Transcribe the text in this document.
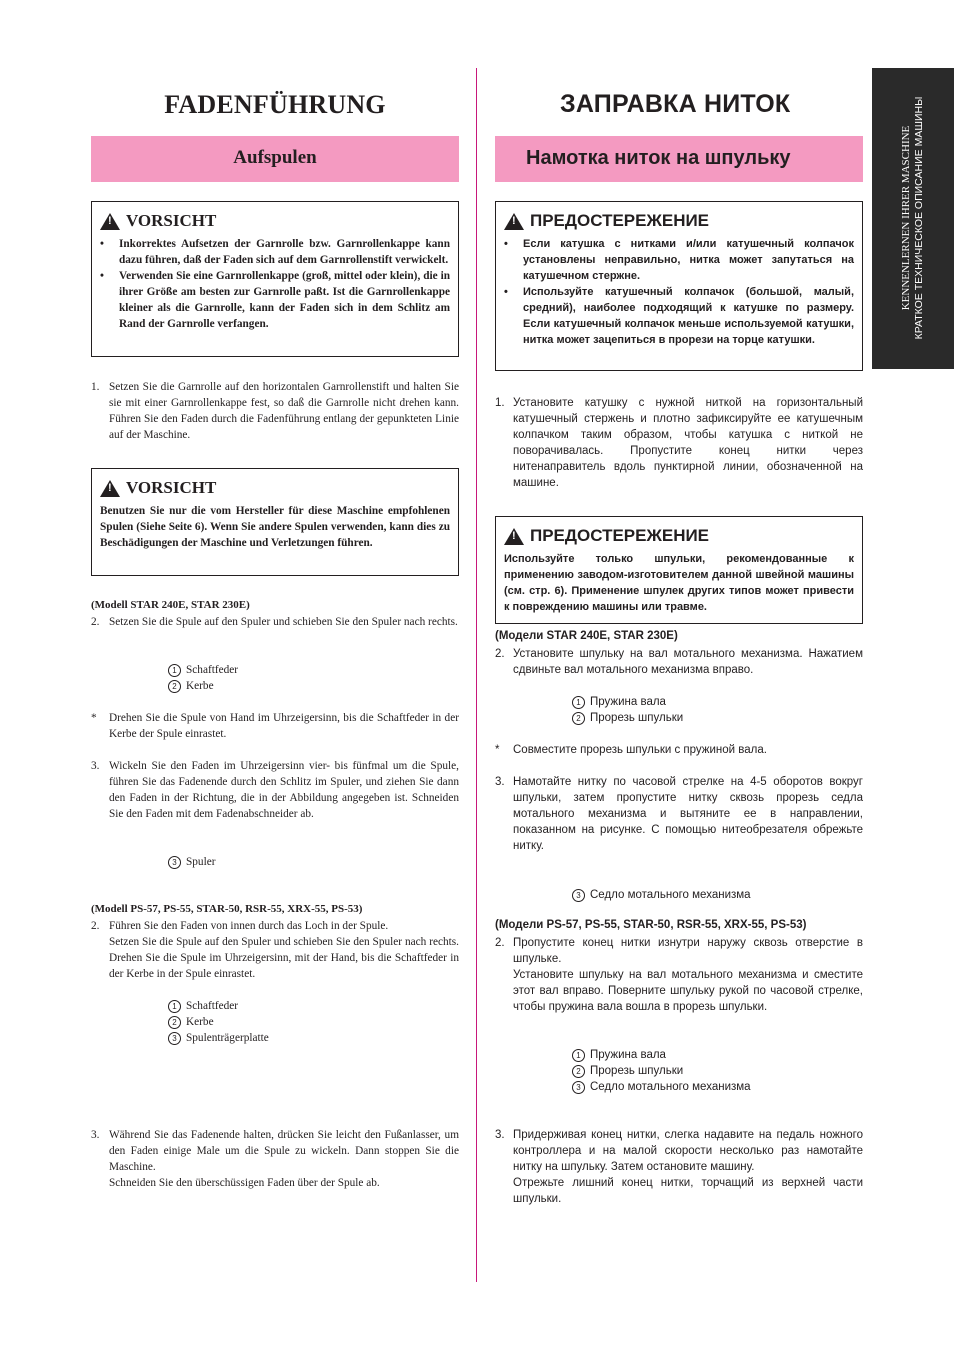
KENNENLERNEN IHRER MASCHINE КРАТКОЕ ТЕХНИЧЕСКОЕ ОПИСАНИЕ МАШИНЫ
FADENFÜHRUNG
Aufspulen
!
VORSICHT
• Inkorrektes Aufsetzen der Garnrolle bzw. Garnrollenkappe kann dazu führen, daß der Faden sich auf dem Garnrollenstift verwickelt.
• Verwenden Sie eine Garnrollenkappe (groß, mittel oder klein), die in ihrer Größe am besten zur Garnrolle paßt. Ist die Garnrollenkappe kleiner als die Garnrolle, kann der Faden sich in dem Schlitz am Rand der Garnrolle verfangen.
1. Setzen Sie die Garnrolle auf den horizontalen Garnrollenstift und halten Sie sie mit einer Garnrollenkappe fest, so daß die Garnrolle nicht drehen kann. Führen Sie den Faden durch die Fadenführung entlang der gepunkteten Linie auf der Maschine.
!
VORSICHT
Benutzen Sie nur die vom Hersteller für diese Maschine empfohlenen Spulen (Siehe Seite 6). Wenn Sie andere Spulen verwenden, kann dies zu Beschädigungen der Maschine und Verletzungen führen.
(Modell STAR 240E, STAR 230E)
2. Setzen Sie die Spule auf den Spuler und schieben Sie den Spuler nach rechts.
1 Schaftfeder
2 Kerbe
* Drehen Sie die Spule von Hand im Uhrzeigersinn, bis die Schaftfeder in der Kerbe der Spule einrastet.
3. Wickeln Sie den Faden im Uhrzeigersinn vier- bis fünfmal um die Spule, führen Sie das Fadenende durch den Schlitz im Spuler, und ziehen Sie dann den Faden in der Richtung, die in der Abbildung angegeben ist. Schneiden Sie den Faden mit dem Fadenabschneider ab.
3 Spuler
(Modell PS-57, PS-55, STAR-50, RSR-55, XRX-55, PS-53)
2. Führen Sie den Faden von innen durch das Loch in der Spule.
Setzen Sie die Spule auf den Spuler und schieben Sie den Spuler nach rechts. Drehen Sie die Spule im Uhrzeigersinn, mit der Hand, bis die Schaftfeder in der Kerbe in der Spule einrastet.
1 Schaftfeder
2 Kerbe
3 Spulenträgerplatte
3. Während Sie das Fadenende halten, drücken Sie leicht den Fußanlasser, um den Faden einige Male um die Spule zu wickeln. Dann stoppen Sie die Maschine.
Schneiden Sie den überschüssigen Faden über der Spule ab.
ЗАПРАВКА НИТОК
Намотка ниток на шпульку
!
ПРЕДОСТЕРЕЖЕНИЕ
• Если катушка с нитками и/или катушечный колпачок установлены неправильно, нитка может запутаться на катушечном стержне.
• Используйте катушечный колпачок (большой, малый, средний), наиболее подходящий к катушке по размеру. Если катушечный колпачок меньше используемой катушки, нитка может зацепиться в прорези на торце катушки.
1. Установите катушку с нужной ниткой на горизонтальный катушечный стержень и плотно зафиксируйте ее катушечным колпачком таким образом, чтобы катушка с ниткой не поворачивалась. Пропустите конец нитки через нитенаправитель вдоль пунктирной линии, обозначенной на машине.
!
ПРЕДОСТЕРЕЖЕНИЕ
Используйте только шпульки, рекомендованные к применению заводом-изготовителем данной швейной машины (см. стр. 6). Применение шпулек других типов может привести к повреждению машины или травме.
(Модели STAR 240E, STAR 230E)
2. Установите шпульку на вал мотального механизма. Нажатием сдвиньте вал мотального механизма вправо.
1 Пружина вала
2 Прорезь шпульки
* Совместите прорезь шпульки с пружиной вала.
3. Намотайте нитку по часовой стрелке на 4-5 оборотов вокруг шпульки, затем пропустите нитку сквозь прорезь седла мотального механизма и вытяните ее в направлении, показанном на рисунке. С помощью нитеобрезателя обрежьте нитку.
3 Седло мотального механизма
(Модели PS-57, PS-55, STAR-50, RSR-55, XRX-55, PS-53)
2. Пропустите конец нитки изнутри наружу сквозь отверстие в шпульке.
Установите шпульку на вал мотального механизма и сместите этот вал вправо. Поверните шпульку рукой по часовой стрелке, чтобы пружина вала вошла в прорезь шпульки.
1 Пружина вала
2 Прорезь шпульки
3 Седло мотального механизма
3. Придерживая конец нитки, слегка надавите на педаль ножного контроллера и на малой скорости несколько раз намотайте нитку на шпульку. Затем остановите машину.
Отрежьте лишний конец нитки, торчащий из верхней части шпульки.
